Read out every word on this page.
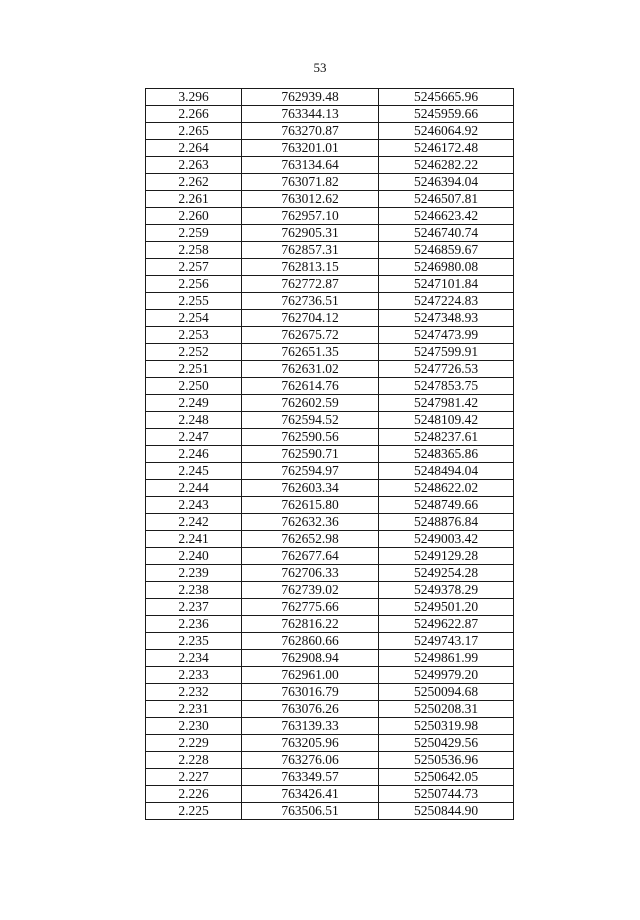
53
3.296	762939.48	5245665.96
2.266	763344.13	5245959.66
2.265	763270.87	5246064.92
2.264	763201.01	5246172.48
2.263	763134.64	5246282.22
2.262	763071.82	5246394.04
2.261	763012.62	5246507.81
2.260	762957.10	5246623.42
2.259	762905.31	5246740.74
2.258	762857.31	5246859.67
2.257	762813.15	5246980.08
2.256	762772.87	5247101.84
2.255	762736.51	5247224.83
2.254	762704.12	5247348.93
2.253	762675.72	5247473.99
2.252	762651.35	5247599.91
2.251	762631.02	5247726.53
2.250	762614.76	5247853.75
2.249	762602.59	5247981.42
2.248	762594.52	5248109.42
2.247	762590.56	5248237.61
2.246	762590.71	5248365.86
2.245	762594.97	5248494.04
2.244	762603.34	5248622.02
2.243	762615.80	5248749.66
2.242	762632.36	5248876.84
2.241	762652.98	5249003.42
2.240	762677.64	5249129.28
2.239	762706.33	5249254.28
2.238	762739.02	5249378.29
2.237	762775.66	5249501.20
2.236	762816.22	5249622.87
2.235	762860.66	5249743.17
2.234	762908.94	5249861.99
2.233	762961.00	5249979.20
2.232	763016.79	5250094.68
2.231	763076.26	5250208.31
2.230	763139.33	5250319.98
2.229	763205.96	5250429.56
2.228	763276.06	5250536.96
2.227	763349.57	5250642.05
2.226	763426.41	5250744.73
2.225	763506.51	5250844.90
